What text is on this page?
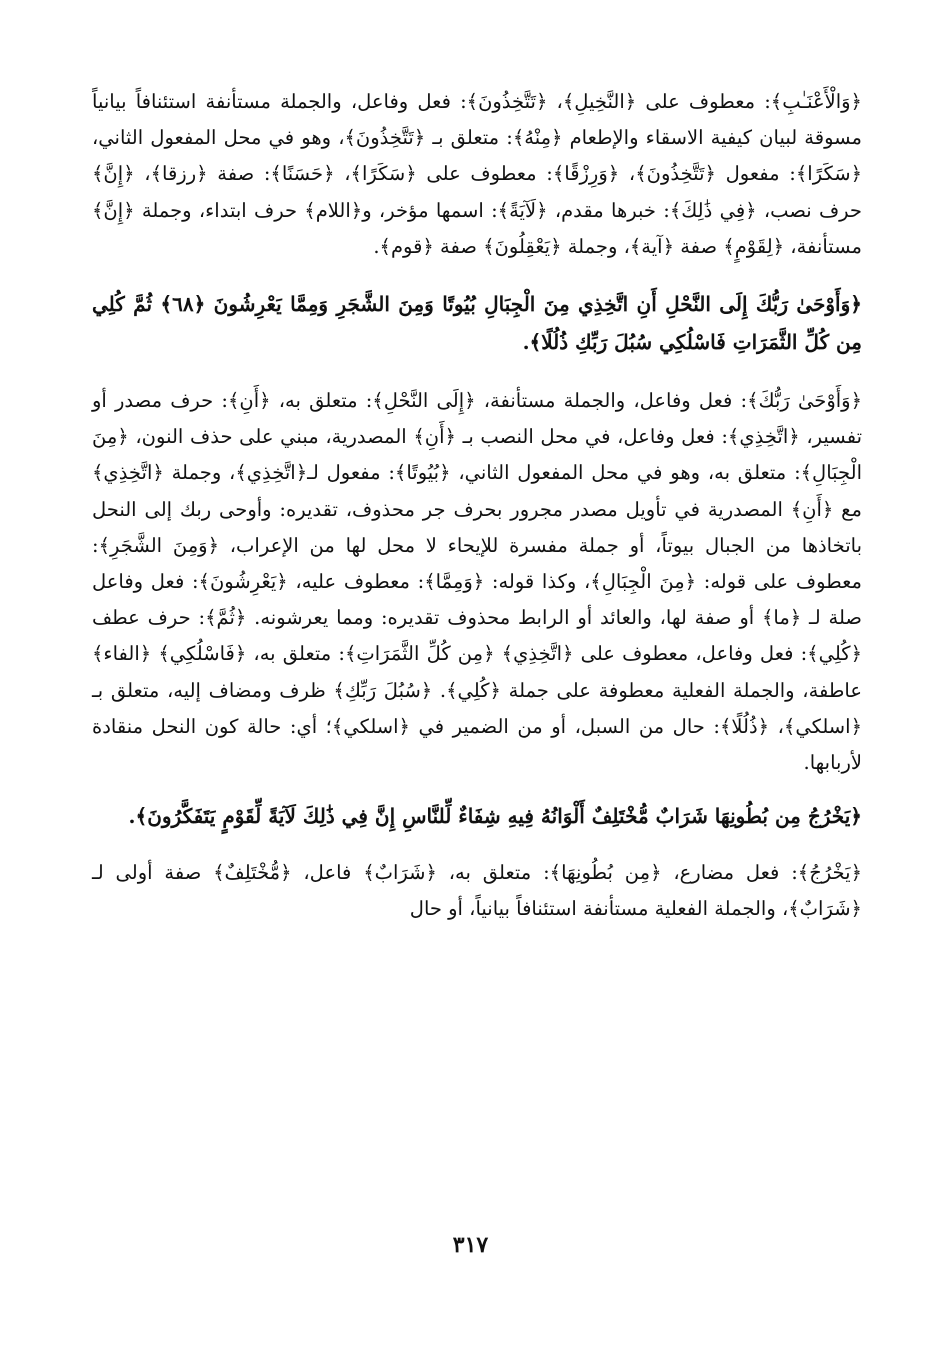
﴿وَالْأَعْنَـٰبِ﴾: معطوف على ﴿النَّخِيلِ﴾، ﴿تَتَّخِذُونَ﴾: فعل وفاعل، والجملة مستأنفة استئنافاً بيانياً مسوقة لبيان كيفية الاسقاء والإطعام ﴿مِنْهُ﴾: متعلق بـ ﴿تَتَّخِذُونَ﴾، وهو في محل المفعول الثاني، ﴿سَكَرًا﴾: مفعول ﴿تَتَّخِذُونَ﴾، ﴿وَرِزْقًا﴾: معطوف على ﴿سَكَرًا﴾، ﴿حَسَنًا﴾: صفة ﴿رزقا﴾، ﴿إِنَّ﴾ حرف نصب، ﴿فِي ذَٰلِكَ﴾: خبرها مقدم، ﴿لَآيَةً﴾: اسمها مؤخر، و﴿اللام﴾ حرف ابتداء، وجملة ﴿إِنَّ﴾ مستأنفة، ﴿لِقَوْمٍ﴾ صفة ﴿آية﴾، وجملة ﴿يَعْقِلُونَ﴾ صفة ﴿قوم﴾.

﴿وَأَوْحَىٰ رَبُّكَ إِلَى النَّحْلِ أَنِ اتَّخِذِي مِنَ الْجِبَالِ بُيُوتًا وَمِنَ الشَّجَرِ وَمِمَّا يَعْرِشُونَ ﴿٦٨﴾ ثُمَّ كُلِي مِن كُلِّ الثَّمَرَاتِ فَاسْلُكِي سُبُلَ رَبِّكِ ذُلُلًا﴾.

﴿وَأَوْحَىٰ رَبُّكَ﴾: فعل وفاعل، والجملة مستأنفة، ﴿إِلَى النَّحْلِ﴾: متعلق به، ﴿أَنِ﴾: حرف مصدر أو تفسير، ﴿اتَّخِذِي﴾: فعل وفاعل، في محل النصب بـ ﴿أَنِ﴾ المصدرية، مبني على حذف النون، ﴿مِنَ الْجِبَالِ﴾: متعلق به، وهو في محل المفعول الثاني، ﴿بُيُوتًا﴾: مفعول لـ﴿اتَّخِذِي﴾، وجملة ﴿اتَّخِذِي﴾ مع ﴿أَنِ﴾ المصدرية في تأويل مصدر مجرور بحرف جر محذوف، تقديره: وأوحى ربك إلى النحل باتخاذها من الجبال بيوتاً، أو جملة مفسرة للإيحاء لا محل لها من الإعراب، ﴿وَمِنَ الشَّجَرِ﴾: معطوف على قوله: ﴿مِنَ الْجِبَالِ﴾، وكذا قوله: ﴿وَمِمَّا﴾: معطوف عليه، ﴿يَعْرِشُونَ﴾: فعل وفاعل صلة لـ ﴿ما﴾ أو صفة لها، والعائد أو الرابط محذوف تقديره: ومما يعرشونه. ﴿ثُمَّ﴾: حرف عطف ﴿كُلِي﴾: فعل وفاعل، معطوف على ﴿اتَّخِذِي﴾ ﴿مِن كُلِّ الثَّمَرَاتِ﴾: متعلق به، ﴿فَاسْلُكِي﴾ ﴿الفاء﴾ عاطفة، والجملة الفعلية معطوفة على جملة ﴿كُلِي﴾. ﴿سُبُلَ رَبِّكِ﴾ ظرف ومضاف إليه، متعلق بـ ﴿اسلكي﴾، ﴿ذُلُلًا﴾: حال من السبل، أو من الضمير في ﴿اسلكي﴾؛ أي: حالة كون النحل منقادة لأربابها.

﴿يَخْرُجُ مِن بُطُونِهَا شَرَابٌ مُّخْتَلِفٌ أَلْوَانُهُ فِيهِ شِفَاءٌ لِّلنَّاسِ إِنَّ فِي ذَٰلِكَ لَآيَةً لِّقَوْمٍ يَتَفَكَّرُونَ﴾.

﴿يَخْرُجُ﴾: فعل مضارع، ﴿مِن بُطُونِهَا﴾: متعلق به، ﴿شَرَابٌ﴾ فاعل، ﴿مُّخْتَلِفٌ﴾ صفة أولى لـ ﴿شَرَابٌ﴾، والجملة الفعلية مستأنفة استئنافاً بيانياً، أو حال

٣١٧
